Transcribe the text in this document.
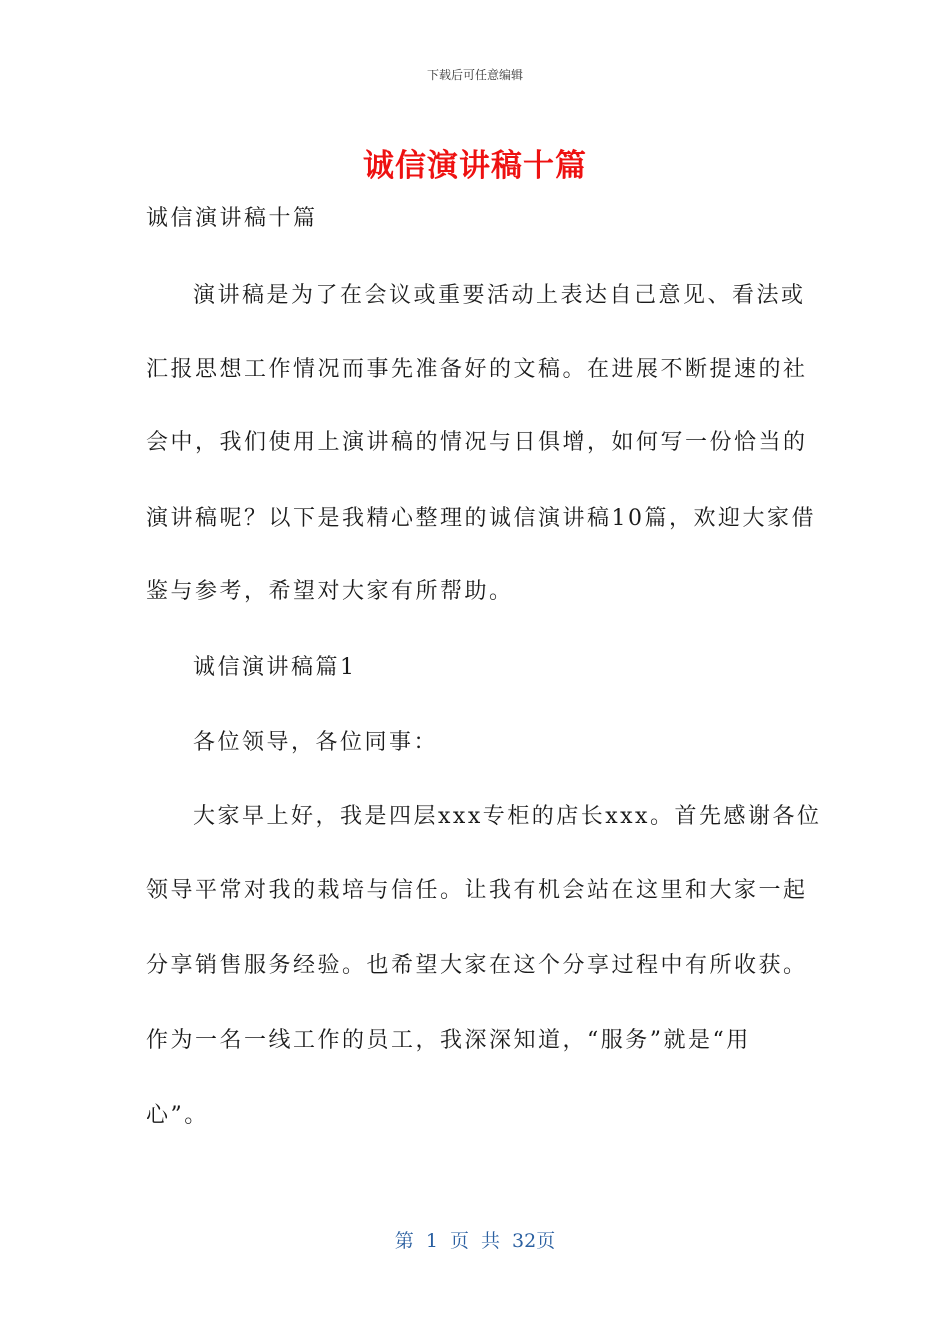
下载后可任意编辑
诚信演讲稿十篇
诚信演讲稿十篇
演讲稿是为了在会议或重要活动上表达自己意见、看法或
汇报思想工作情况而事先准备好的文稿。在进展不断提速的社
会中，我们使用上演讲稿的情况与日俱增，如何写一份恰当的
演讲稿呢？以下是我精心整理的诚信演讲稿10篇，欢迎大家借
鉴与参考，希望对大家有所帮助。
诚信演讲稿篇1
各位领导，各位同事：
大家早上好，我是四层xxx专柜的店长xxx。首先感谢各位
领导平常对我的栽培与信任。让我有机会站在这里和大家一起
分享销售服务经验。也希望大家在这个分享过程中有所收获。
作为一名一线工作的员工，我深深知道，“服务”就是“用
心”。
第 1 页 共 32页
